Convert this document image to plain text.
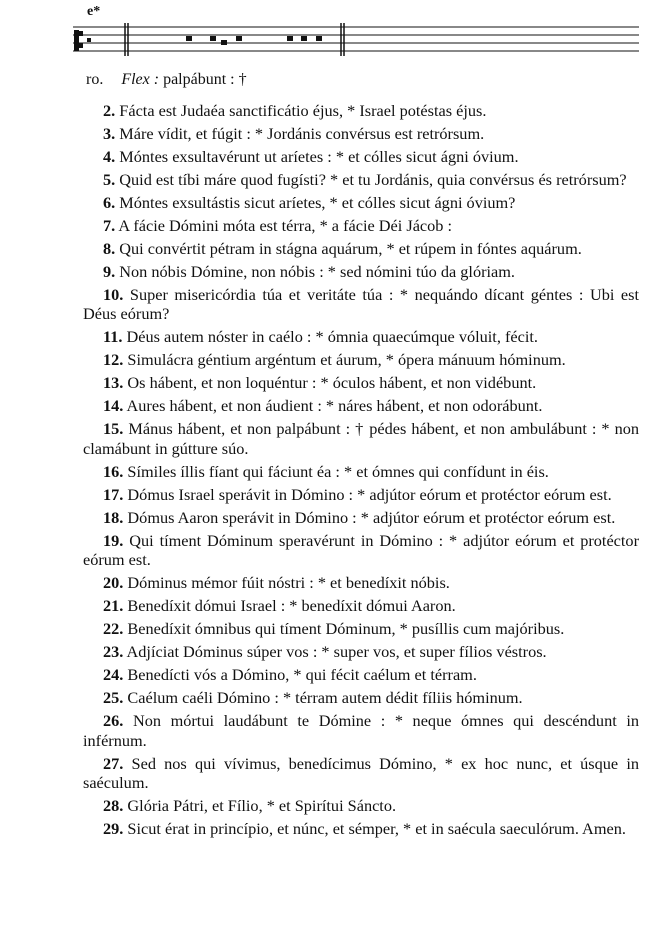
e*
ro. Flex : palpábunt : †
2. Fácta est Judaéa sanctificátio éjus, * Israel potéstas éjus.
3. Máre vídit, et fúgit : * Jordánis convérsus est retrórsum.
4. Móntes exsultavérunt ut aríetes : * et cólles sicut ágni óvium.
5. Quid est tíbi máre quod fugísti? * et tu Jordánis, quia convérsus és retrórsum?
6. Móntes exsultástis sicut aríetes, * et cólles sicut ágni óvium?
7. A fácie Dómini móta est térra, * a fácie Déi Jácob :
8. Qui convértit pétram in stágna aquárum, * et rúpem in fóntes aquárum.
9. Non nóbis Dómine, non nóbis : * sed nómini túo da glóriam.
10. Super misericórdia túa et veritáte túa : * nequándo dícant géntes : Ubi est Déus eórum?
11. Déus autem nóster in caélo : * ómnia quaecúmque vóluit, fécit.
12. Simulácra géntium argéntum et áurum, * ópera mánuum hóminum.
13. Os hábent, et non loquéntur : * óculos hábent, et non vidébunt.
14. Aures hábent, et non áudient : * náres hábent, et non odorábunt.
15. Mánus hábent, et non palpábunt : † pédes hábent, et non ambulábunt : * non clamábunt in gútture súo.
16. Símiles íllis fíant qui fáciunt éa : * et ómnes qui confídunt in éis.
17. Dómus Israel sperávit in Dómino : * adjútor eórum et protéctor eórum est.
18. Dómus Aaron sperávit in Dómino : * adjútor eórum et protéctor eórum est.
19. Qui tíment Dóminum speravérunt in Dómino : * adjútor eórum et protéctor eórum est.
20. Dóminus mémor fúit nóstri : * et benedíxit nóbis.
21. Benedíxit dómui Israel : * benedíxit dómui Aaron.
22. Benedíxit ómnibus qui tíment Dóminum, * pusíllis cum majóribus.
23. Adjíciat Dóminus súper vos : * super vos, et super fílios véstros.
24. Benedícti vós a Dómino, * qui fécit caélum et térram.
25. Caélum caéli Dómino : * térram autem dédit fíliis hóminum.
26. Non mórtui laudábunt te Dómine : * neque ómnes qui descéndunt in inférnum.
27. Sed nos qui vívimus, benedícimus Dómino, * ex hoc nunc, et úsque in saéculum.
28. Glória Pátri, et Fílio, * et Spirítui Sáncto.
29. Sicut érat in princípio, et núnc, et sémper, * et in saécula saeculórum. Amen.
